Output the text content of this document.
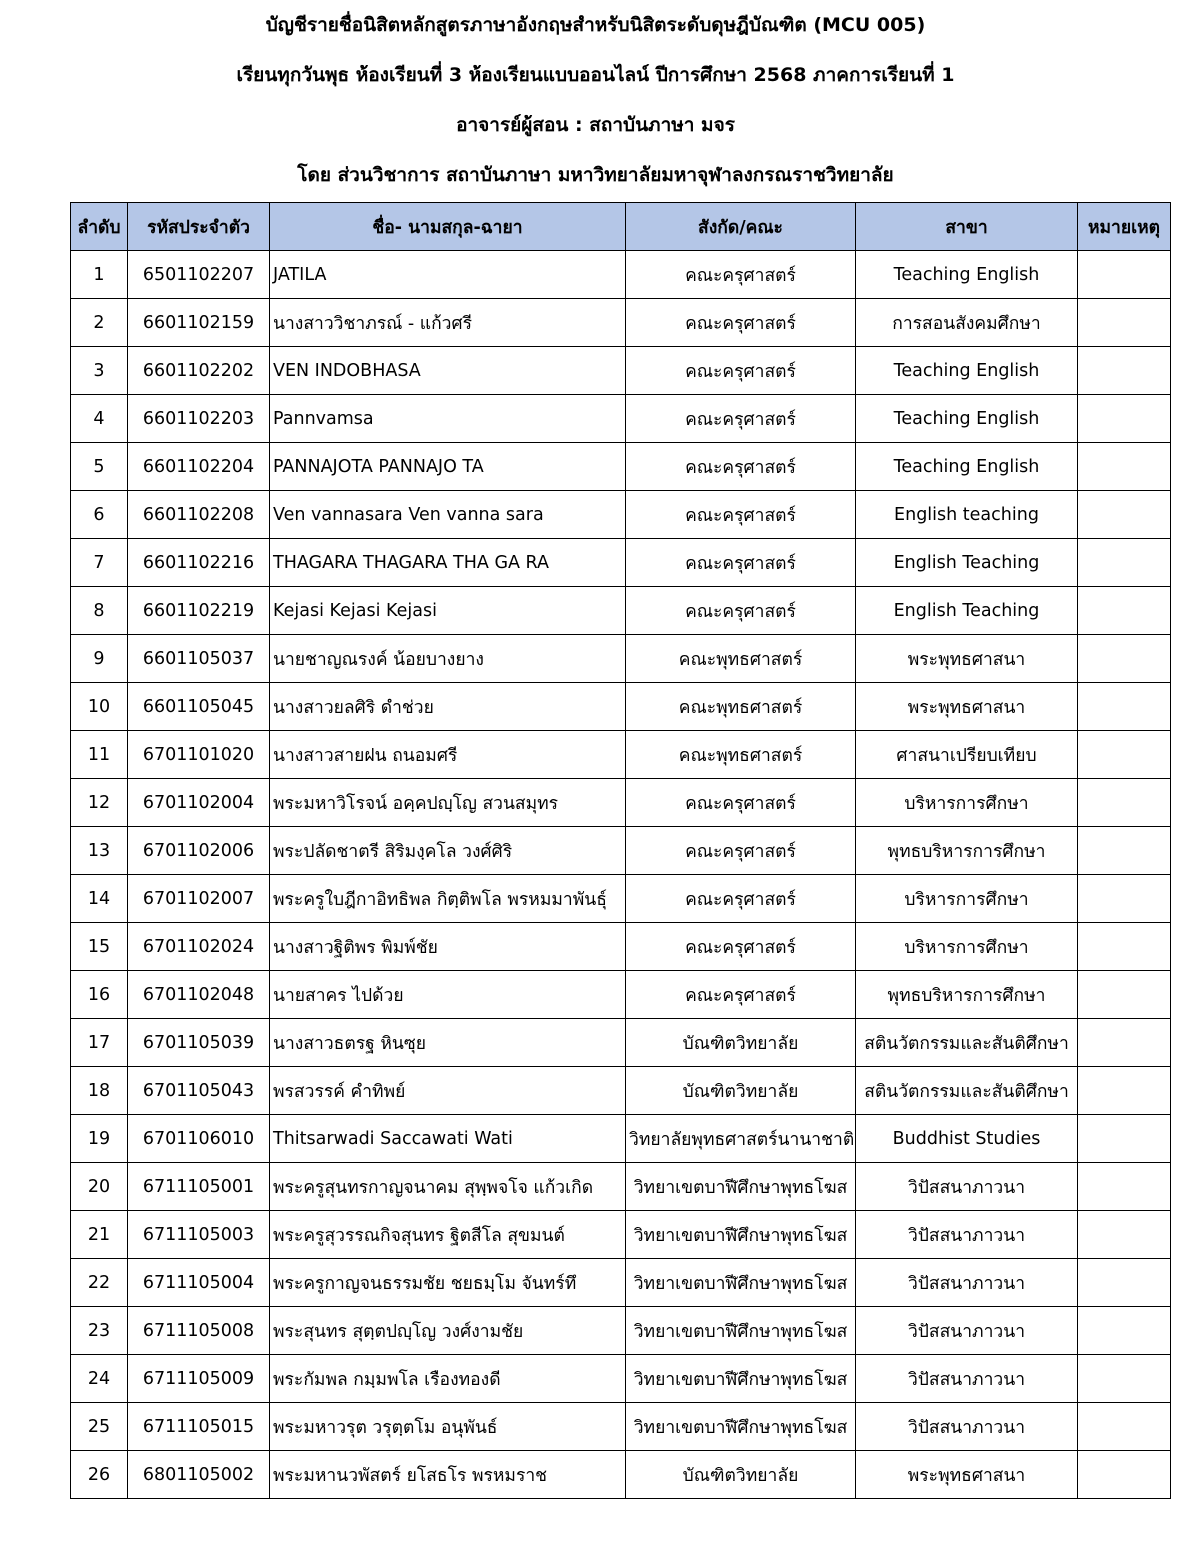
บัญชีรายชื่อนิสิตหลักสูตรภาษาอังกฤษสำหรับนิสิตระดับดุษฎีบัณฑิต (MCU 005)
เรียนทุกวันพุธ ห้องเรียนที่ 3 ห้องเรียนแบบออนไลน์ ปีการศึกษา 2568 ภาคการเรียนที่ 1
อาจารย์ผู้สอน : สถาบันภาษา มจร
โดย ส่วนวิชาการ สถาบันภาษา มหาวิทยาลัยมหาจุฬาลงกรณราชวิทยาลัย
ลำดับ	รหัสประจำตัว	ชื่อ- นามสกุล-ฉายา	สังกัด/คณะ	สาขา	หมายเหตุ
1	6501102207	JATILA	คณะครุศาสตร์	Teaching English	
2	6601102159	นางสาววิชาภรณ์ - แก้วศรี	คณะครุศาสตร์	การสอนสังคมศึกษา	
3	6601102202	VEN INDOBHASA	คณะครุศาสตร์	Teaching English	
4	6601102203	Pannvamsa	คณะครุศาสตร์	Teaching English	
5	6601102204	PANNAJOTA PANNAJO TA	คณะครุศาสตร์	Teaching English	
6	6601102208	Ven vannasara Ven vanna sara	คณะครุศาสตร์	English teaching	
7	6601102216	THAGARA THAGARA THA GA RA	คณะครุศาสตร์	English Teaching	
8	6601102219	Kejasi Kejasi Kejasi	คณะครุศาสตร์	English Teaching	
9	6601105037	นายชาญณรงค์ น้อยบางยาง	คณะพุทธศาสตร์	พระพุทธศาสนา	
10	6601105045	นางสาวยลศิริ ดำช่วย	คณะพุทธศาสตร์	พระพุทธศาสนา	
11	6701101020	นางสาวสายฝน ถนอมศรี	คณะพุทธศาสตร์	ศาสนาเปรียบเทียบ	
12	6701102004	พระมหาวิโรจน์ อคฺคปญฺโญ สวนสมุทร	คณะครุศาสตร์	บริหารการศึกษา	
13	6701102006	พระปลัดชาตรี สิริมงฺคโล วงศ์ศิริ	คณะครุศาสตร์	พุทธบริหารการศึกษา	
14	6701102007	พระครูใบฎีกาอิทธิพล กิตฺติพโล พรหมมาพันธุ์	คณะครุศาสตร์	บริหารการศึกษา	
15	6701102024	นางสาวฐิติพร พิมพ์ชัย	คณะครุศาสตร์	บริหารการศึกษา	
16	6701102048	นายสาคร ไปด้วย	คณะครุศาสตร์	พุทธบริหารการศึกษา	
17	6701105039	นางสาวธตรฐ หินซุย	บัณฑิตวิทยาลัย	สตินวัตกรรมและสันติศึกษา	
18	6701105043	พรสวรรค์ คำทิพย์	บัณฑิตวิทยาลัย	สตินวัตกรรมและสันติศึกษา	
19	6701106010	Thitsarwadi Saccawati Wati	วิทยาลัยพุทธศาสตร์นานาชาติ	Buddhist Studies	
20	6711105001	พระครูสุนทรกาญจนาคม สุพฺพจโจ แก้วเกิด	วิทยาเขตบาฬีศึกษาพุทธโฆส	วิปัสสนาภาวนา	
21	6711105003	พระครูสุวรรณกิจสุนทร ฐิตสีโล สุขมนต์	วิทยาเขตบาฬีศึกษาพุทธโฆส	วิปัสสนาภาวนา	
22	6711105004	พระครูกาญจนธรรมชัย ชยธมฺโม จันทร์ทึ	วิทยาเขตบาฬีศึกษาพุทธโฆส	วิปัสสนาภาวนา	
23	6711105008	พระสุนทร สุตฺตปญฺโญ วงศ์งามชัย	วิทยาเขตบาฬีศึกษาพุทธโฆส	วิปัสสนาภาวนา	
24	6711105009	พระกัมพล กมฺมพโล เรืองทองดี	วิทยาเขตบาฬีศึกษาพุทธโฆส	วิปัสสนาภาวนา	
25	6711105015	พระมหาวรุต วรุตฺตโม อนุพันธ์	วิทยาเขตบาฬีศึกษาพุทธโฆส	วิปัสสนาภาวนา	
26	6801105002	พระมหานวพัสตร์ ยโสธโร พรหมราช	บัณฑิตวิทยาลัย	พระพุทธศาสนา	
